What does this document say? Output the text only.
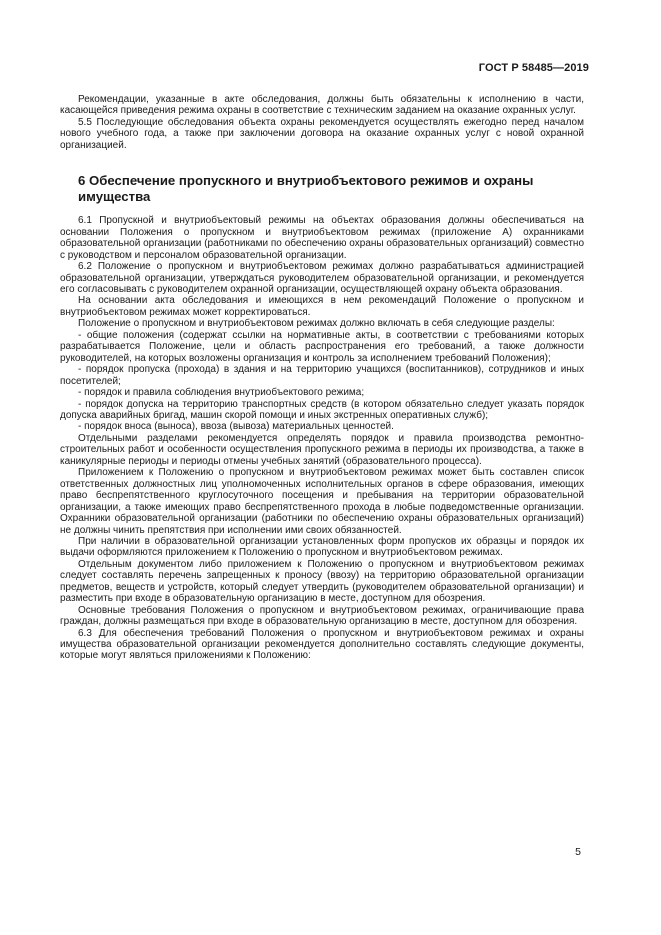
ГОСТ Р 58485—2019

Рекомендации, указанные в акте обследования, должны быть обязательны к исполнению в части, касающейся приведения режима охраны в соответствие с техническим заданием на оказание охранных услуг.

5.5 Последующие обследования объекта охраны рекомендуется осуществлять ежегодно перед началом нового учебного года, а также при заключении договора на оказание охранных услуг с новой охранной организацией.

6 Обеспечение пропускного и внутриобъектового режимов и охраны имущества

6.1 Пропускной и внутриобъектовый режимы на объектах образования должны обеспечиваться на основании Положения о пропускном и внутриобъектовом режимах (приложение А) охранниками образовательной организации (работниками по обеспечению охраны образовательных организаций) совместно с руководством и персоналом образовательной организации.

6.2 Положение о пропускном и внутриобъектовом режимах должно разрабатываться администрацией образовательной организации, утверждаться руководителем образовательной организации, и рекомендуется его согласовывать с руководителем охранной организации, осуществляющей охрану объекта образования.

На основании акта обследования и имеющихся в нем рекомендаций Положение о пропускном и внутриобъектовом режимах может корректироваться.

Положение о пропускном и внутриобъектовом режимах должно включать в себя следующие разделы:

- общие положения (содержат ссылки на нормативные акты, в соответствии с требованиями которых разрабатывается Положение, цели и область распространения его требований, а также должности руководителей, на которых возложены организация и контроль за исполнением требований Положения);

- порядок пропуска (прохода) в здания и на территорию учащихся (воспитанников), сотрудников и иных посетителей;

- порядок и правила соблюдения внутриобъектового режима;

- порядок допуска на территорию транспортных средств (в котором обязательно следует указать порядок допуска аварийных бригад, машин скорой помощи и иных экстренных оперативных служб);

- порядок вноса (выноса), ввоза (вывоза) материальных ценностей.

Отдельными разделами рекомендуется определять порядок и правила производства ремонтно-строительных работ и особенности осуществления пропускного режима в периоды их производства, а также в каникулярные периоды и периоды отмены учебных занятий (образовательного процесса).

Приложением к Положению о пропускном и внутриобъектовом режимах может быть составлен список ответственных должностных лиц уполномоченных исполнительных органов в сфере образования, имеющих право беспрепятственного круглосуточного посещения и пребывания на территории образовательной организации, а также имеющих право беспрепятственного прохода в любые подведомственные организации. Охранники образовательной организации (работники по обеспечению охраны образовательных организаций) не должны чинить препятствия при исполнении ими своих обязанностей.

При наличии в образовательной организации установленных форм пропусков их образцы и порядок их выдачи оформляются приложением к Положению о пропускном и внутриобъектовом режимах.

Отдельным документом либо приложением к Положению о пропускном и внутриобъектовом режимах следует составлять перечень запрещенных к проносу (ввозу) на территорию образовательной организации предметов, веществ и устройств, который следует утвердить (руководителем образовательной организации) и разместить при входе в образовательную организацию в месте, доступном для обозрения.

Основные требования Положения о пропускном и внутриобъектовом режимах, ограничивающие права граждан, должны размещаться при входе в образовательную организацию в месте, доступном для обозрения.

6.3 Для обеспечения требований Положения о пропускном и внутриобъектовом режимах и охраны имущества образовательной организации рекомендуется дополнительно составлять следующие документы, которые могут являться приложениями к Положению:

5
